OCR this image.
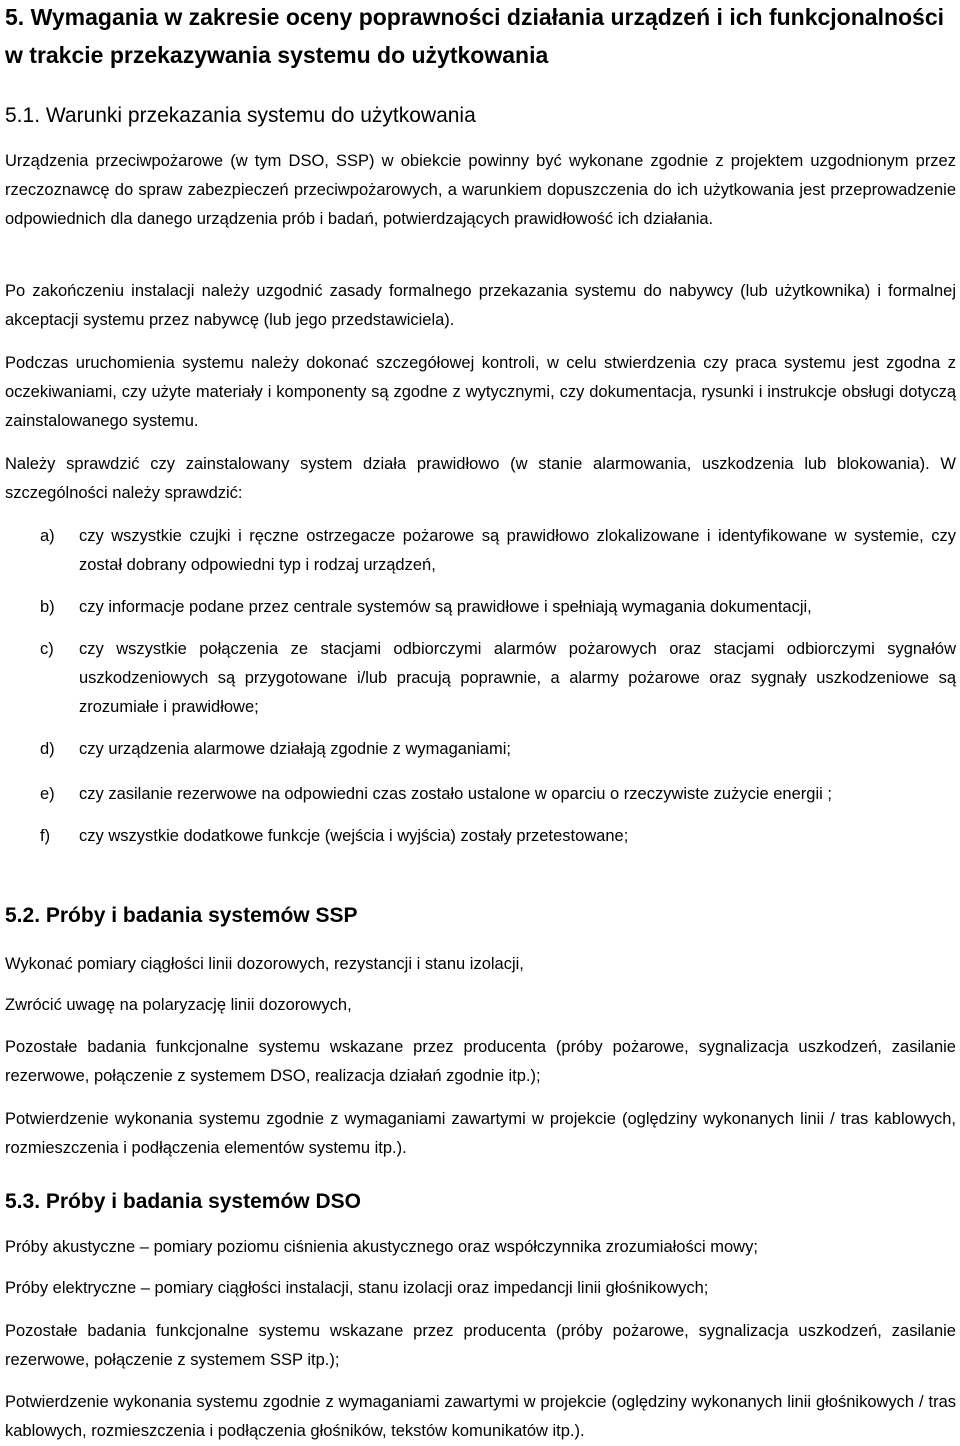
5. Wymagania w zakresie oceny poprawności działania urządzeń i ich funkcjonalności w trakcie przekazywania systemu do użytkowania
5.1. Warunki przekazania systemu do użytkowania

Urządzenia przeciwpożarowe (w tym DSO, SSP) w obiekcie powinny być wykonane zgodnie z projektem uzgodnionym przez rzeczoznawcę do spraw zabezpieczeń przeciwpożarowych, a warunkiem dopuszczenia do ich użytkowania jest przeprowadzenie odpowiednich dla danego urządzenia prób i badań, potwierdzających prawidłowość ich działania.

Po zakończeniu instalacji należy uzgodnić zasady formalnego przekazania systemu do nabywcy (lub użytkownika) i formalnej akceptacji systemu przez nabywcę (lub jego przedstawiciela).

Podczas uruchomienia systemu należy dokonać szczegółowej kontroli, w celu stwierdzenia czy praca systemu jest zgodna z oczekiwaniami, czy użyte materiały i komponenty są zgodne z wytycznymi, czy dokumentacja, rysunki i instrukcje obsługi dotyczą zainstalowanego systemu.

Należy sprawdzić czy zainstalowany system działa prawidłowo (w stanie alarmowania, uszkodzenia lub blokowania). W szczególności należy sprawdzić:

a) czy wszystkie czujki i ręczne ostrzegacze pożarowe są prawidłowo zlokalizowane i identyfikowane w systemie, czy został dobrany odpowiedni typ i rodzaj urządzeń,

b) czy informacje podane przez centrale systemów są prawidłowe i spełniają wymagania dokumentacji,

c) czy wszystkie połączenia ze stacjami odbiorczymi alarmów pożarowych oraz stacjami odbiorczymi sygnałów uszkodzeniowych są przygotowane i/lub pracują poprawnie, a alarmy pożarowe oraz sygnały uszkodzeniowe są zrozumiałe i prawidłowe;

d) czy urządzenia alarmowe działają zgodnie z wymaganiami;

e) czy zasilanie rezerwowe na odpowiedni czas zostało ustalone w oparciu o rzeczywiste zużycie energii ;

f) czy wszystkie dodatkowe funkcje (wejścia i wyjścia) zostały przetestowane;

5.2. Próby i badania systemów SSP

Wykonać pomiary ciągłości linii dozorowych, rezystancji i stanu izolacji,

Zwrócić uwagę na polaryzację linii dozorowych,

Pozostałe badania funkcjonalne systemu wskazane przez producenta (próby pożarowe, sygnalizacja uszkodzeń, zasilanie rezerwowe, połączenie z systemem DSO, realizacja działań zgodnie itp.);

Potwierdzenie wykonania systemu zgodnie z wymaganiami zawartymi w projekcie (oględziny wykonanych linii / tras kablowych, rozmieszczenia i podłączenia elementów systemu itp.).

5.3. Próby i badania systemów DSO

Próby akustyczne – pomiary poziomu ciśnienia akustycznego oraz współczynnika zrozumiałości mowy;

Próby elektryczne – pomiary ciągłości instalacji, stanu izolacji oraz impedancji linii głośnikowych;

Pozostałe badania funkcjonalne systemu wskazane przez producenta (próby pożarowe, sygnalizacja uszkodzeń, zasilanie rezerwowe, połączenie z systemem SSP itp.);

Potwierdzenie wykonania systemu zgodnie z wymaganiami zawartymi w projekcie (oględziny wykonanych linii głośnikowych / tras kablowych, rozmieszczenia i podłączenia głośników, tekstów komunikatów itp.).
